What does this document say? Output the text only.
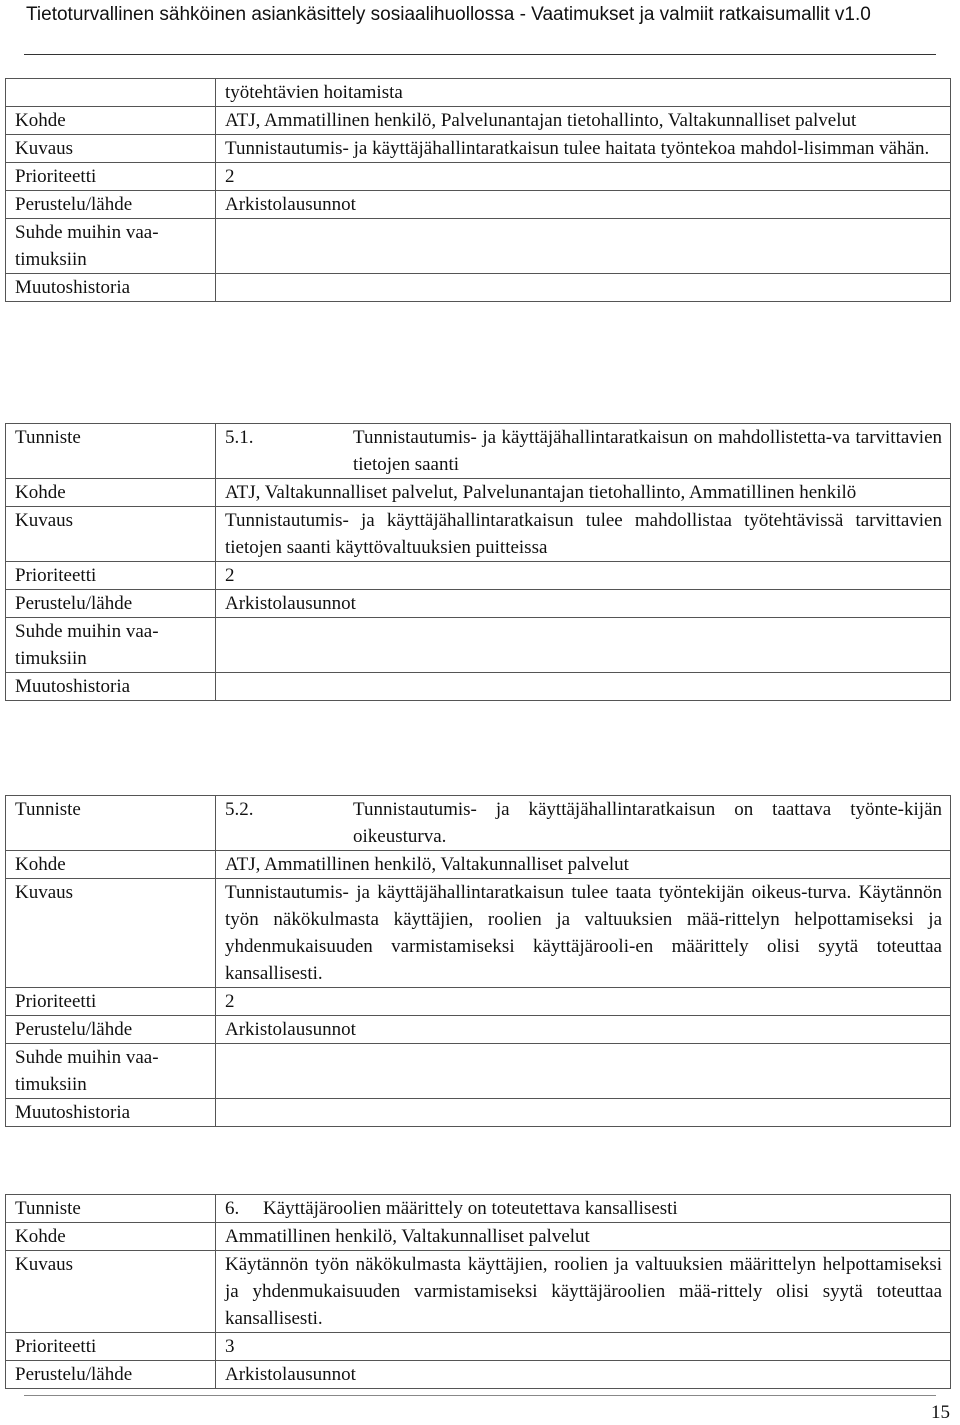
Tietoturvallinen sähköinen asiankäsittely sosiaalihuollossa - Vaatimukset ja valmiit ratkaisumallit v1.0
	työtehtävien hoitamista
Kohde	ATJ, Ammatillinen henkilö, Palvelunantajan tietohallinto, Valtakunnalliset palvelut
Kuvaus	Tunnistautumis- ja käyttäjähallintaratkaisun tulee haitata työntekoa mahdol-lisimman vähän.
Prioriteetti	2
Perustelu/lähde	Arkistolausunnot
Suhde muihin vaa-timuksiin	
Muutoshistoria	
Tunniste	5.1. Tunnistautumis- ja käyttäjähallintaratkaisun on mahdollistetta-va tarvittavien tietojen saanti

Kohde	ATJ, Valtakunnalliset palvelut, Palvelunantajan tietohallinto, Ammatillinen henkilö
Kuvaus	Tunnistautumis- ja käyttäjähallintaratkaisun tulee mahdollistaa työtehtävissä tarvittavien tietojen saanti käyttövaltuuksien puitteissa
Prioriteetti	2
Perustelu/lähde	Arkistolausunnot
Suhde muihin vaa-timuksiin	
Muutoshistoria	
Tunniste	5.2. Tunnistautumis- ja käyttäjähallintaratkaisun on taattava työnte-kijän oikeusturva.

Kohde	ATJ, Ammatillinen henkilö, Valtakunnalliset palvelut
Kuvaus	Tunnistautumis- ja käyttäjähallintaratkaisun tulee taata työntekijän oikeus-turva. Käytännön työn näkökulmasta käyttäjien, roolien ja valtuuksien mää-rittelyn helpottamiseksi ja yhdenmukaisuuden varmistamiseksi käyttäjärooli-en määrittely olisi syytä toteuttaa kansallisesti.
Prioriteetti	2
Perustelu/lähde	Arkistolausunnot
Suhde muihin vaa-timuksiin	
Muutoshistoria	
Tunniste	6. Käyttäjäroolien määrittely on toteutettava kansallisesti

Kohde	Ammatillinen henkilö, Valtakunnalliset palvelut
Kuvaus	Käytännön työn näkökulmasta käyttäjien, roolien ja valtuuksien määrittelyn helpottamiseksi ja yhdenmukaisuuden varmistamiseksi käyttäjäroolien mää-rittely olisi syytä toteuttaa kansallisesti.
Prioriteetti	3
Perustelu/lähde	Arkistolausunnot
15
